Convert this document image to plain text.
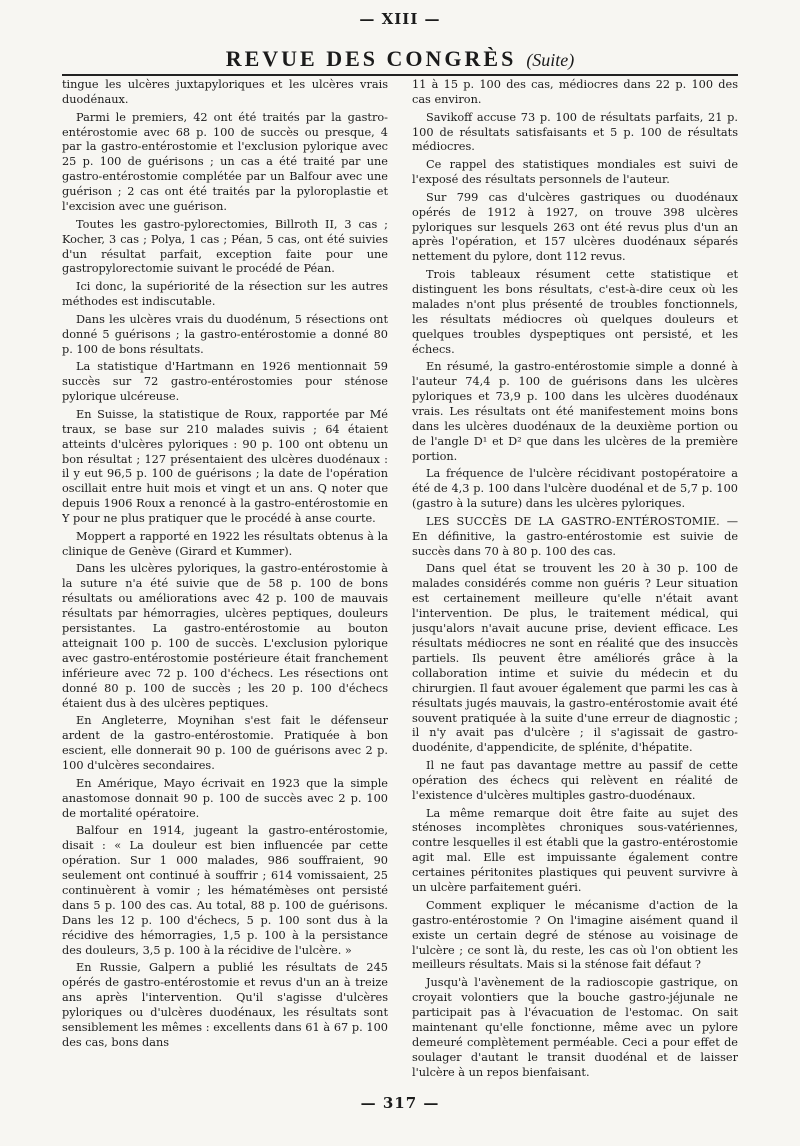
— XIII —
REVUE DES CONGRÈS (Suite)

tingue les ulcères juxtapyloriques et les ulcères vrais duodénaux.

Parmi le premiers, 42 ont été traités par la gastro-entérostomie avec 68 p. 100 de succès ou presque, 4 par la gastro-entérostomie et l'exclusion pylorique avec 25 p. 100 de guérisons ; un cas a été traité par une gastro-entérostomie complétée par un Balfour avec une guérison ; 2 cas ont été traités par la pyloroplastie et l'excision avec une guérison.

Toutes les gastro-pylorectomies, Billroth II, 3 cas ; Kocher, 3 cas ; Polya, 1 cas ; Péan, 5 cas, ont été suivies d'un résultat parfait, exception faite pour une gastropylorectomie suivant le procédé de Péan.

Ici donc, la supériorité de la résection sur les autres méthodes est indiscutable.

Dans les ulcères vrais du duodénum, 5 résections ont donné 5 guérisons ; la gastro-entérostomie a donné 80 p. 100 de bons résultats.

La statistique d'Hartmann en 1926 mentionnait 59 succès sur 72 gastro-entérostomies pour sténose pylorique ulcéreuse.

En Suisse, la statistique de Roux, rapportée par Mé traux, se base sur 210 malades suivis ; 64 étaient atteints d'ulcères pyloriques : 90 p. 100 ont obtenu un bon résultat ; 127 présentaient des ulcères duodénaux : il y eut 96,5 p. 100 de guérisons ; la date de l'opération oscillait entre huit mois et vingt et un ans. Q noter que depuis 1906 Roux a renoncé à la gastro-entérostomie en Y pour ne plus pratiquer que le procédé à anse courte.

Moppert a rapporté en 1922 les résultats obtenus à la clinique de Genève (Girard et Kummer).

Dans les ulcères pyloriques, la gastro-entérostomie à la suture n'a été suivie que de 58 p. 100 de bons résultats ou améliorations avec 42 p. 100 de mauvais résultats par hémorragies, ulcères peptiques, douleurs persistantes. La gastro-entérostomie au bouton atteignait 100 p. 100 de succès. L'exclusion pylorique avec gastro-entérostomie postérieure était franchement inférieure avec 72 p. 100 d'échecs. Les résections ont donné 80 p. 100 de succès ; les 20 p. 100 d'échecs étaient dus à des ulcères peptiques.

En Angleterre, Moynihan s'est fait le défenseur ardent de la gastro-entérostomie. Pratiquée à bon escient, elle donnerait 90 p. 100 de guérisons avec 2 p. 100 d'ulcères secondaires.

En Amérique, Mayo écrivait en 1923 que la simple anastomose donnait 90 p. 100 de succès avec 2 p. 100 de mortalité opératoire.

Balfour en 1914, jugeant la gastro-entérostomie, disait : « La douleur est bien influencée par cette opération. Sur 1 000 malades, 986 souffraient, 90 seulement ont continué à souffrir ; 614 vomissaient, 25 continuèrent à vomir ; les hématémèses ont persisté dans 5 p. 100 des cas. Au total, 88 p. 100 de guérisons. Dans les 12 p. 100 d'échecs, 5 p. 100 sont dus à la récidive des hémorragies, 1,5 p. 100 à la persistance des douleurs, 3,5 p. 100 à la récidive de l'ulcère. »

En Russie, Galpern a publié les résultats de 245 opérés de gastro-entérostomie et revus d'un an à treize ans après l'intervention. Qu'il s'agisse d'ulcères pyloriques ou d'ulcères duodénaux, les résultats sont sensiblement les mêmes : excellents dans 61 à 67 p. 100 des cas, bons dans

11 à 15 p. 100 des cas, médiocres dans 22 p. 100 des cas environ.

Savikoff accuse 73 p. 100 de résultats parfaits, 21 p. 100 de résultats satisfaisants et 5 p. 100 de résultats médiocres.

Ce rappel des statistiques mondiales est suivi de l'exposé des résultats personnels de l'auteur.

Sur 799 cas d'ulcères gastriques ou duodénaux opérés de 1912 à 1927, on trouve 398 ulcères pyloriques sur lesquels 263 ont été revus plus d'un an après l'opération, et 157 ulcères duodénaux séparés nettement du pylore, dont 112 revus.

Trois tableaux résument cette statistique et distinguent les bons résultats, c'est-à-dire ceux où les malades n'ont plus présenté de troubles fonctionnels, les résultats médiocres où quelques douleurs et quelques troubles dyspeptiques ont persisté, et les échecs.

En résumé, la gastro-entérostomie simple a donné à l'auteur 74,4 p. 100 de guérisons dans les ulcères pyloriques et 73,9 p. 100 dans les ulcères duodénaux vrais. Les résultats ont été manifestement moins bons dans les ulcères duodénaux de la deuxième portion ou de l'angle D¹ et D² que dans les ulcères de la première portion.

La fréquence de l'ulcère récidivant postopératoire a été de 4,3 p. 100 dans l'ulcère duodénal et de 5,7 p. 100 (gastro à la suture) dans les ulcères pyloriques.

LES SUCCÈS DE LA GASTRO-ENTÉROSTOMIE. — En définitive, la gastro-entérostomie est suivie de succès dans 70 à 80 p. 100 des cas.

Dans quel état se trouvent les 20 à 30 p. 100 de malades considérés comme non guéris ? Leur situation est certainement meilleure qu'elle n'était avant l'intervention. De plus, le traitement médical, qui jusqu'alors n'avait aucune prise, devient efficace. Les résultats médiocres ne sont en réalité que des insuccès partiels. Ils peuvent être améliorés grâce à la collaboration intime et suivie du médecin et du chirurgien. Il faut avouer également que parmi les cas à résultats jugés mauvais, la gastro-entérostomie avait été souvent pratiquée à la suite d'une erreur de diagnostic ; il n'y avait pas d'ulcère ; il s'agissait de gastro-duodénite, d'appendicite, de splénite, d'hépatite.

Il ne faut pas davantage mettre au passif de cette opération des échecs qui relèvent en réalité de l'existence d'ulcères multiples gastro-duodénaux.

La même remarque doit être faite au sujet des sténoses incomplètes chroniques sous-vatériennes, contre lesquelles il est établi que la gastro-entérostomie agit mal. Elle est impuissante également contre certaines péritonites plastiques qui peuvent survivre à un ulcère parfaitement guéri.

Comment expliquer le mécanisme d'action de la gastro-entérostomie ? On l'imagine aisément quand il existe un certain degré de sténose au voisinage de l'ulcère ; ce sont là, du reste, les cas où l'on obtient les meilleurs résultats. Mais si la sténose fait défaut ?

Jusqu'à l'avènement de la radioscopie gastrique, on croyait volontiers que la bouche gastro-jéjunale ne participait pas à l'évacuation de l'estomac. On sait maintenant qu'elle fonctionne, même avec un pylore demeuré complètement perméable. Ceci a pour effet de soulager d'autant le transit duodénal et de laisser l'ulcère à un repos bienfaisant.

— 317 —
